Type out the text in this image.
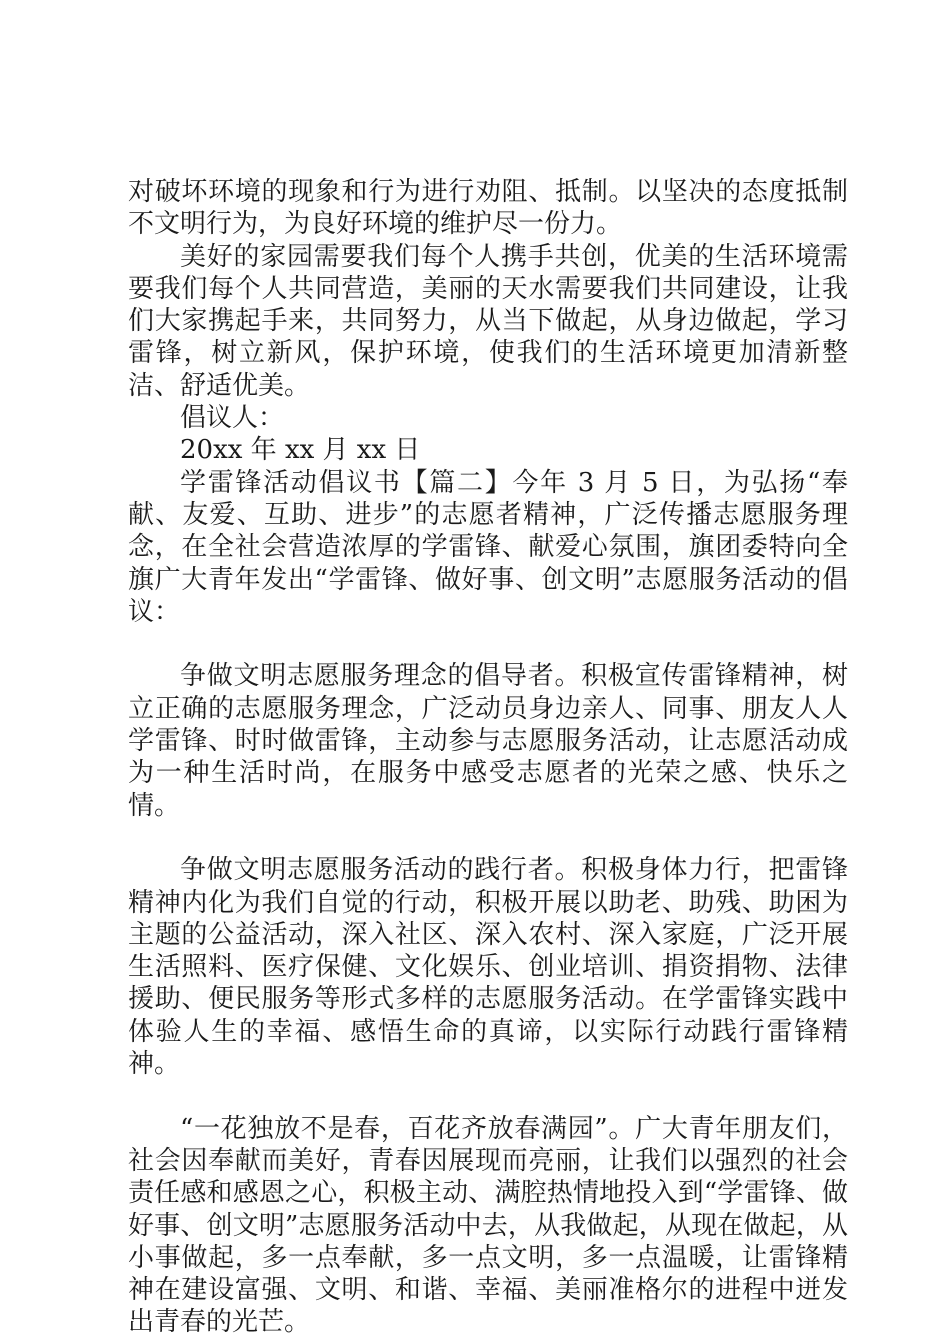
对破坏环境的现象和行为进行劝阻、抵制。以坚决的态度抵制不文明行为，为良好环境的维护尽一份力。

美好的家园需要我们每个人携手共创，优美的生活环境需要我们每个人共同营造，美丽的天水需要我们共同建设，让我们大家携起手来，共同努力，从当下做起，从身边做起，学习雷锋，树立新风，保护环境，使我们的生活环境更加清新整洁、舒适优美。

倡议人：

20xx 年 xx 月 xx 日

学雷锋活动倡议书【篇二】今年 3 月 5 日，为弘扬“奉献、友爱、互助、进步”的志愿者精神，广泛传播志愿服务理念，在全社会营造浓厚的学雷锋、献爱心氛围，旗团委特向全旗广大青年发出“学雷锋、做好事、创文明”志愿服务活动的倡议：

争做文明志愿服务理念的倡导者。积极宣传雷锋精神，树立正确的志愿服务理念，广泛动员身边亲人、同事、朋友人人学雷锋、时时做雷锋，主动参与志愿服务活动，让志愿活动成为一种生活时尚，在服务中感受志愿者的光荣之感、快乐之情。

争做文明志愿服务活动的践行者。积极身体力行，把雷锋精神内化为我们自觉的行动，积极开展以助老、助残、助困为主题的公益活动，深入社区、深入农村、深入家庭，广泛开展生活照料、医疗保健、文化娱乐、创业培训、捐资捐物、法律援助、便民服务等形式多样的志愿服务活动。在学雷锋实践中体验人生的幸福、感悟生命的真谛，以实际行动践行雷锋精神。

“一花独放不是春，百花齐放春满园”。广大青年朋友们，社会因奉献而美好，青春因展现而亮丽，让我们以强烈的社会责任感和感恩之心，积极主动、满腔热情地投入到“学雷锋、做好事、创文明”志愿服务活动中去，从我做起，从现在做起，从小事做起，多一点奉献，多一点文明，多一点温暖，让雷锋精神在建设富强、文明、和谐、幸福、美丽准格尔的进程中迸发出青春的光芒。
